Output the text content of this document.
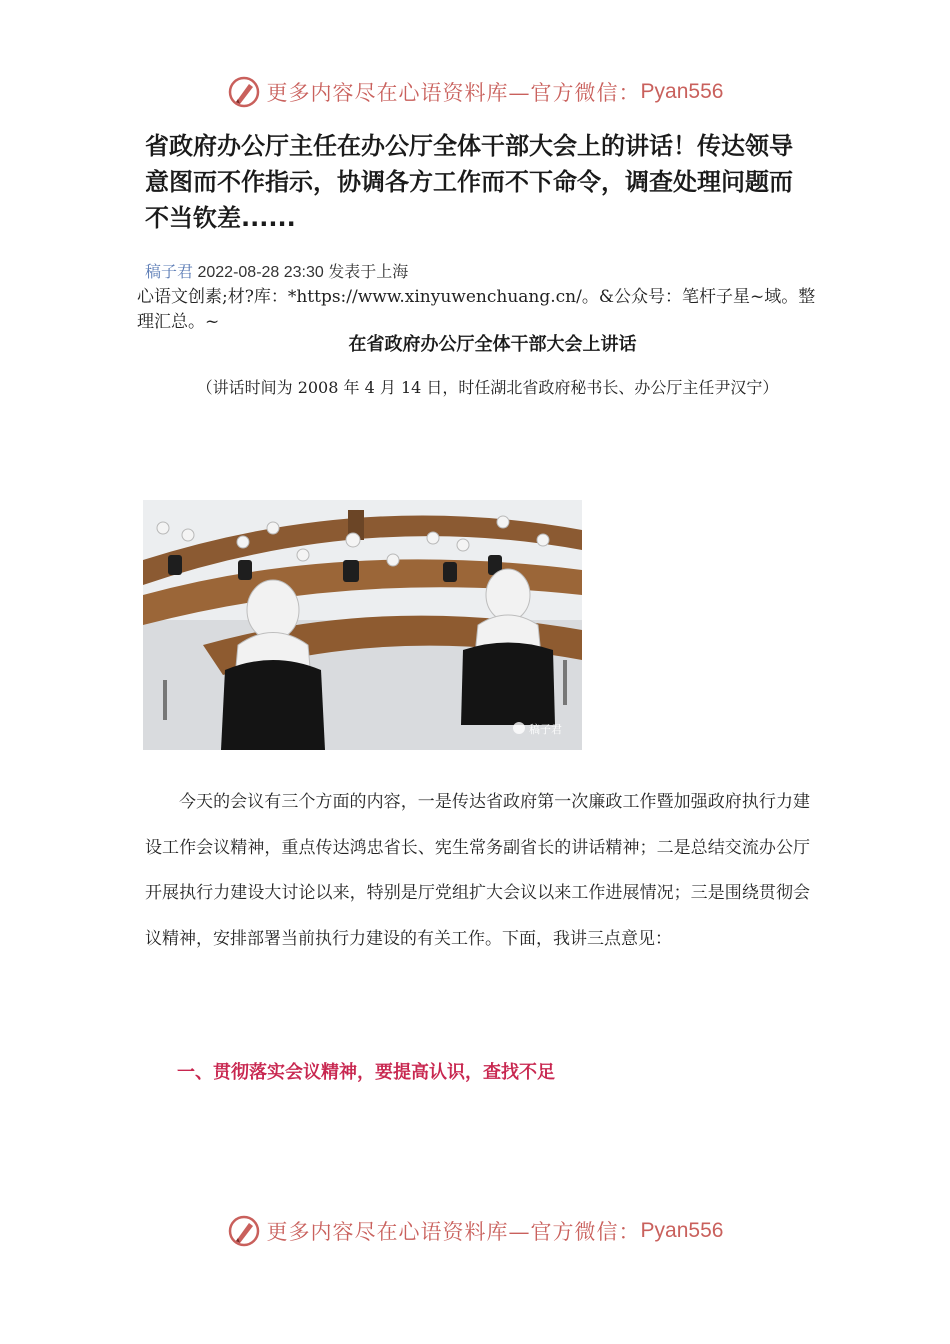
更多内容尽在心语资料库—官方微信： Pyan556
省政府办公厅主任在办公厅全体干部大会上的讲话！传达领导意图而不作指示，协调各方工作而不下命令，调查处理问题而不当钦差......
稿子君 2022-08-28 23:30 发表于上海
心语文创素;材?库：*https://www.xinyuwenchuang.cn/。&公众号：笔杆子星~域。整理汇总。~
在省政府办公厅全体干部大会上讲话
（讲话时间为 2008 年 4 月 14 日，时任湖北省政府秘书长、办公厅主任尹汉宁）
稿子君

今天的会议有三个方面的内容，一是传达省政府第一次廉政工作暨加强政府执行力建设工作会议精神，重点传达鸿忠省长、宪生常务副省长的讲话精神；二是总结交流办公厅开展执行力建设大讨论以来，特别是厅党组扩大会议以来工作进展情况；三是围绕贯彻会议精神，安排部署当前执行力建设的有关工作。下面，我讲三点意见：

一、贯彻落实会议精神，要提高认识，查找不足
更多内容尽在心语资料库—官方微信： Pyan556
